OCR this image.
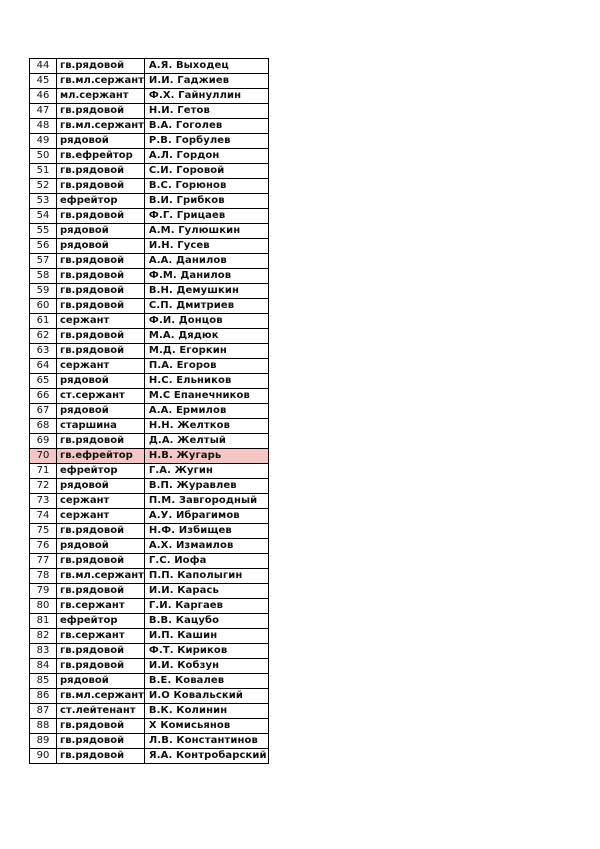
44	гв.рядовой	А.Я. Выходец
45	гв.мл.сержант	И.И. Гаджиев
46	мл.сержант	Ф.Х. Гайнуллин
47	гв.рядовой	Н.И. Гетов
48	гв.мл.сержант	В.А. Гоголев
49	рядовой	Р.В. Горбулев
50	гв.ефрейтор	А.Л. Гордон
51	гв.рядовой	С.И. Горовой
52	гв.рядовой	В.С. Горюнов
53	ефрейтор	В.И. Грибков
54	гв.рядовой	Ф.Г. Грицаев
55	рядовой	А.М. Гулюшкин
56	рядовой	И.Н. Гусев
57	гв.рядовой	А.А. Данилов
58	гв.рядовой	Ф.М. Данилов
59	гв.рядовой	В.Н. Демушкин
60	гв.рядовой	С.П. Дмитриев
61	сержант	Ф.И. Донцов
62	гв.рядовой	М.А. Дядюк
63	гв.рядовой	М.Д. Егоркин
64	сержант	П.А. Егоров
65	рядовой	Н.С. Ельников
66	ст.сержант	М.С Епанечников
67	рядовой	А.А. Ермилов
68	старшина	Н.Н. Желтков
69	гв.рядовой	Д.А. Желтый
70	гв.ефрейтор	Н.В. Жугарь
71	ефрейтор	Г.А. Жугин
72	рядовой	В.П. Журавлев
73	сержант	П.М. Завгородный
74	сержант	А.У. Ибрагимов
75	гв.рядовой	Н.Ф. Избищев
76	рядовой	А.Х. Измаилов
77	гв.рядовой	Г.С. Иофа
78	гв.мл.сержант	П.П. Каполыгин
79	гв.рядовой	И.И. Карась
80	гв.сержант	Г.И. Каргаев
81	ефрейтор	В.В. Кацубо
82	гв.сержант	И.П. Кашин
83	гв.рядовой	Ф.Т. Кириков
84	гв.рядовой	И.И. Кобзун
85	рядовой	В.Е. Ковалев
86	гв.мл.сержант	И.О Ковальский
87	ст.лейтенант	В.К. Колинин
88	гв.рядовой	Х Комисьянов
89	гв.рядовой	Л.В. Константинов
90	гв.рядовой	Я.А. Контробарский
